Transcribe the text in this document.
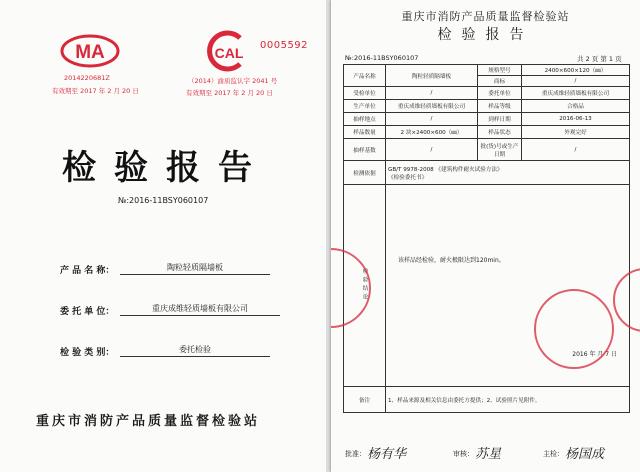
MA
2014220681Z
有效期至 2017 年 2 月 20 日
CAL 0005592
（2014）渝质监认字 2041 号
有效期至 2017 年 2 月 20 日
检验报告
№:2016-11BSY060107
产 品 名 称：	陶粒轻质隔墙板
委 托 单 位：	重庆成维轻质墙板有限公司
检 验 类 别：	委托检验
重庆市消防产品质量监督检验站
重庆市消防产品质量监督检验站
检验报告
№:2016-11BSY060107	共 2 页 第 1 页
产品名称	陶粒轻质隔墙板	规格型号	2400×600×120（㎜）
		商标	/
受检单位	/	委托单位	重庆成维轻质墙板有限公司
生产单位	重庆成维轻质墙板有限公司	样品等级	合格品
抽样地点	/	到样日期	2016-06-13
样品数量	2 块×2400×600（㎜）	样品状态	外观完好
抽样基数	/	批(货)号或生产日期	/
检测依据	GB/T 9978-2008 《建筑构件耐火试验方法》
《检验委托书》		

检验结论	该样品经检验，耐火极限达到120min。
2016 年 月 7 日		

备注	1、样品来源及相关信息由委托方提供；2、试验照片见附件。		
批准： 杨有华	审核： 苏星	主检： 杨国成
